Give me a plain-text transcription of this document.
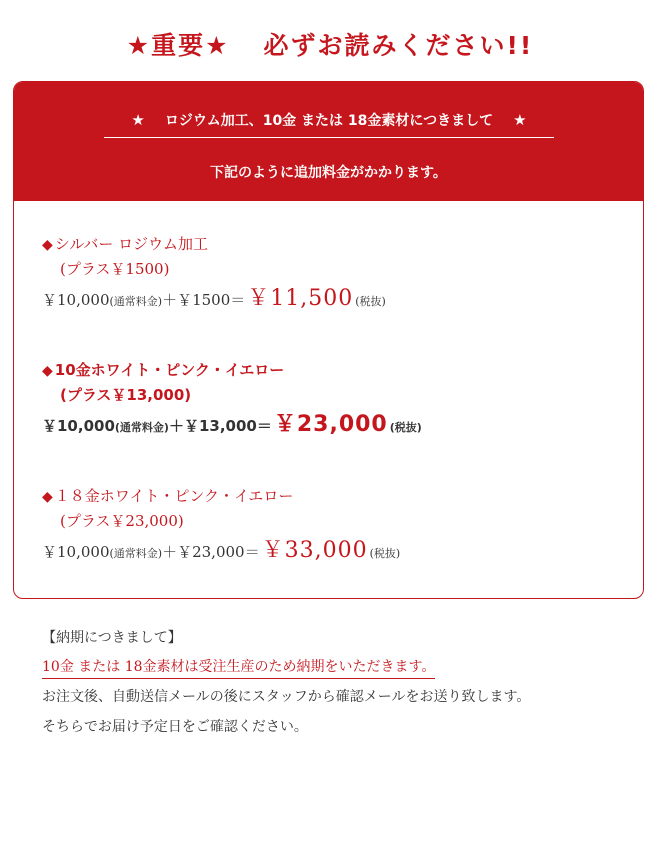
★重要★ 必ずお読みください!!
★ ロジウム加工、10金 または 18金素材につきまして ★
下記のように追加料金がかかります。
◆ シルバー ロジウム加工
(プラス￥1500)
￥10,000 (通常料金) ＋￥1500＝ ￥11,500 (税抜)
◆ 10金ホワイト・ピンク・イエロー
(プラス￥13,000)
￥10,000 (通常料金) ＋￥13,000＝ ￥23,000 (税抜)
◆ １８金ホワイト・ピンク・イエロー
(プラス￥23,000)
￥10,000 (通常料金) ＋￥23,000＝ ￥33,000 (税抜)
【納期につきまして】
10金 または 18金素材は受注生産のため納期をいただきます。
お注文後、自動送信メールの後にスタッフから確認メールをお送り致します。
そちらでお届け予定日をご確認ください。
